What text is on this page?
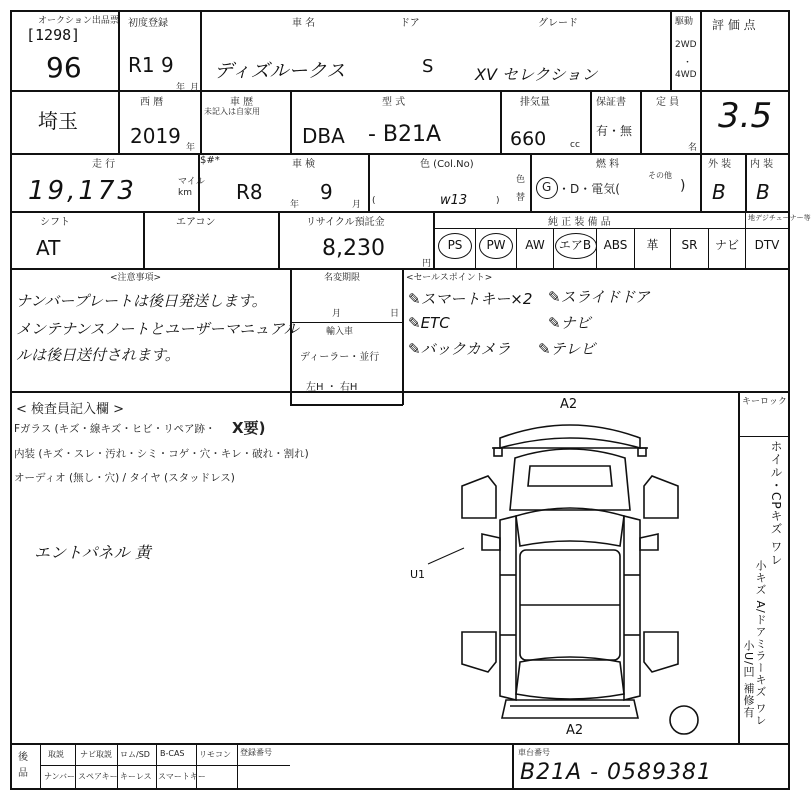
オークション出品票
[1298]
96
初度登録
R1 9
年 月
車 名	ドア	グレード
ディズルークス	S	XV セレクション
駆動
2WD
・
4WD
評 価 点
埼玉
西 暦
2019 年
車 歴
未記入は自家用
型 式
DBA - B21A
排気量
660	cc
保証書
有・無
定 員
名
3.5
走 行
19,173	マイル
km
$#*	車 検
R8
年
9
月
色 (Col.No)
(	w13	)
色
替
燃 料
G ・D・電気(
その他
)
外 装 内 装
B B
シフト
AT
エアコン	リサイクル預託金
8,230
円
純 正 装 備 品	地デジチューナー等
PS	PW	AW	エアB	ABS	革	SR	ナビ	DTV
<注意事項>
ナンバープレートは後日発送します。
メンテナンスノートとユーザーマニュアル
ルは後日送付されます。
名変期限
月	日
輸入車
ディーラー・並行
左H ・ 右H
<セールスポイント>
✎スマートキー×2 ✎スライドドア
✎ETC	✎ナビ
✎バックカメラ ✎テレビ
< 検査員記入欄 >
Fガラス (キズ・線キズ・ヒビ・リペア跡・ X要)
内装 (キズ・スレ・汚れ・シミ・コゲ・穴・キレ・破れ・割れ)
オーディオ (無し・穴) / タイヤ (スタッドレス)
エントパネル 黄
キーロック
ホイル・CPキズ ワレ
小キズ A/ドアミラーキズ ワレ
小U/凹 補修有
A2
A2
U1
後
品
取説 ナビ取説 ロム/SD B-CAS リモコン
ナンバー スペアキー キーレス スマートキー
登録番号	車台番号
B21A - 0589381
